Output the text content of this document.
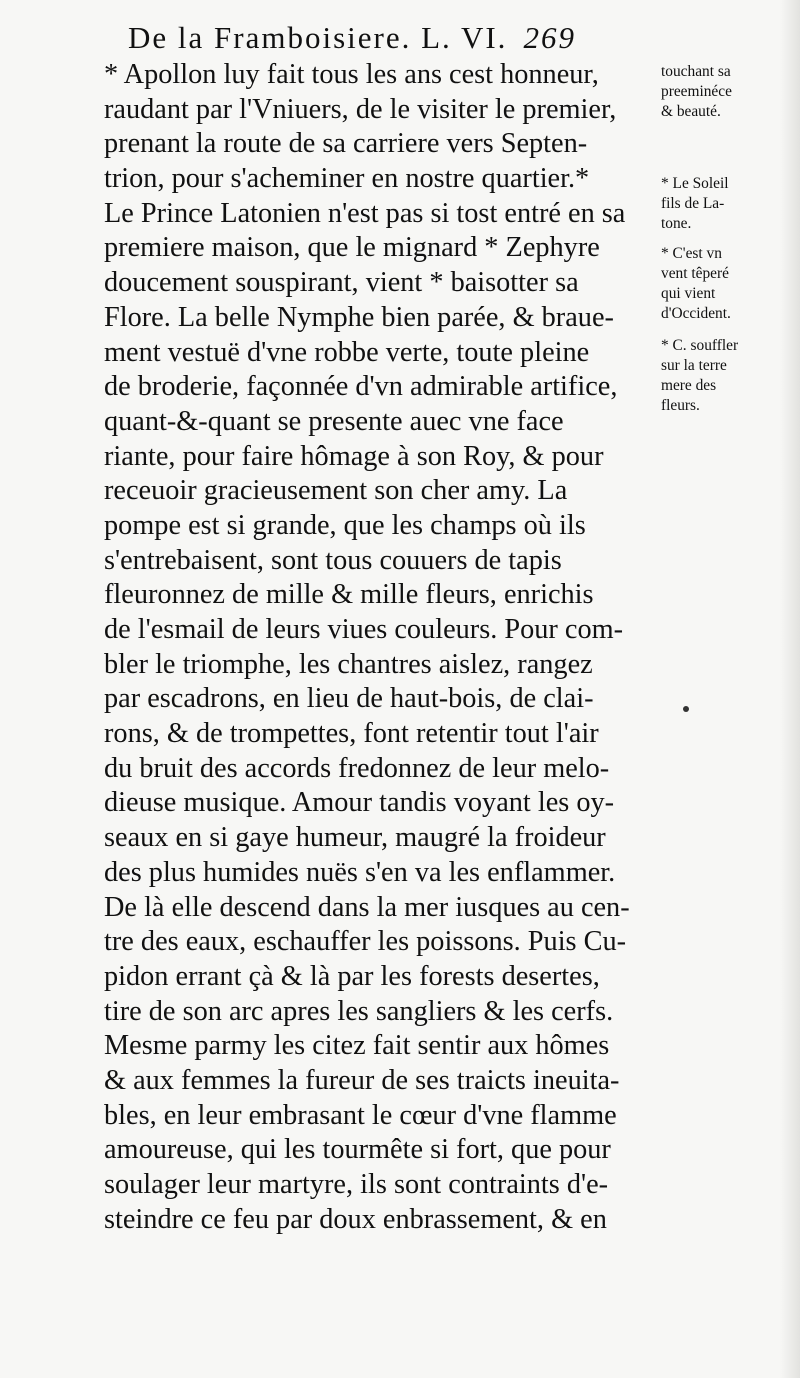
De la Framboisiere. L. VI. 269
* Apollon luy fait tous les ans cest honneur,
raudant par l'Vniuers, de le visiter le premier,
prenant la route de sa carriere vers Septen-
trion, pour s'acheminer en nostre quartier.*
Le Prince Latonien n'est pas si tost entré en sa
premiere maison, que le mignard * Zephyre
doucement souspirant, vient * baisotter sa
Flore. La belle Nymphe bien parée, & braue-
ment vestuë d'vne robbe verte, toute pleine
de broderie, façonnée d'vn admirable artifice,
quant-&-quant se presente auec vne face
riante, pour faire hômage à son Roy, & pour
receuoir gracieusement son cher amy. La
pompe est si grande, que les champs où ils
s'entrebaisent, sont tous couuers de tapis
fleuronnez de mille & mille fleurs, enrichis
de l'esmail de leurs viues couleurs. Pour com-
bler le triomphe, les chantres aislez, rangez
par escadrons, en lieu de haut-bois, de clai-
rons, & de trompettes, font retentir tout l'air
du bruit des accords fredonnez de leur melo-
dieuse musique. Amour tandis voyant les oy-
seaux en si gaye humeur, maugré la froideur
des plus humides nuës s'en va les enflammer.
De là elle descend dans la mer iusques au cen-
tre des eaux, eschauffer les poissons. Puis Cu-
pidon errant çà & là par les forests desertes,
tire de son arc apres les sangliers & les cerfs.
Mesme parmy les citez fait sentir aux hômes
& aux femmes la fureur de ses traicts ineuita-
bles, en leur embrasant le cœur d'vne flamme
amoureuse, qui les tourmête si fort, que pour
soulager leur martyre, ils sont contraints d'e-
steindre ce feu par doux enbrassement, & en
touchant sa
preeminéce
& beauté.
* Le Soleil
fils de La-
tone.
* C'est vn
vent têperé
qui vient
d'Occident.
* C. souffler
sur la terre
mere des
fleurs.
